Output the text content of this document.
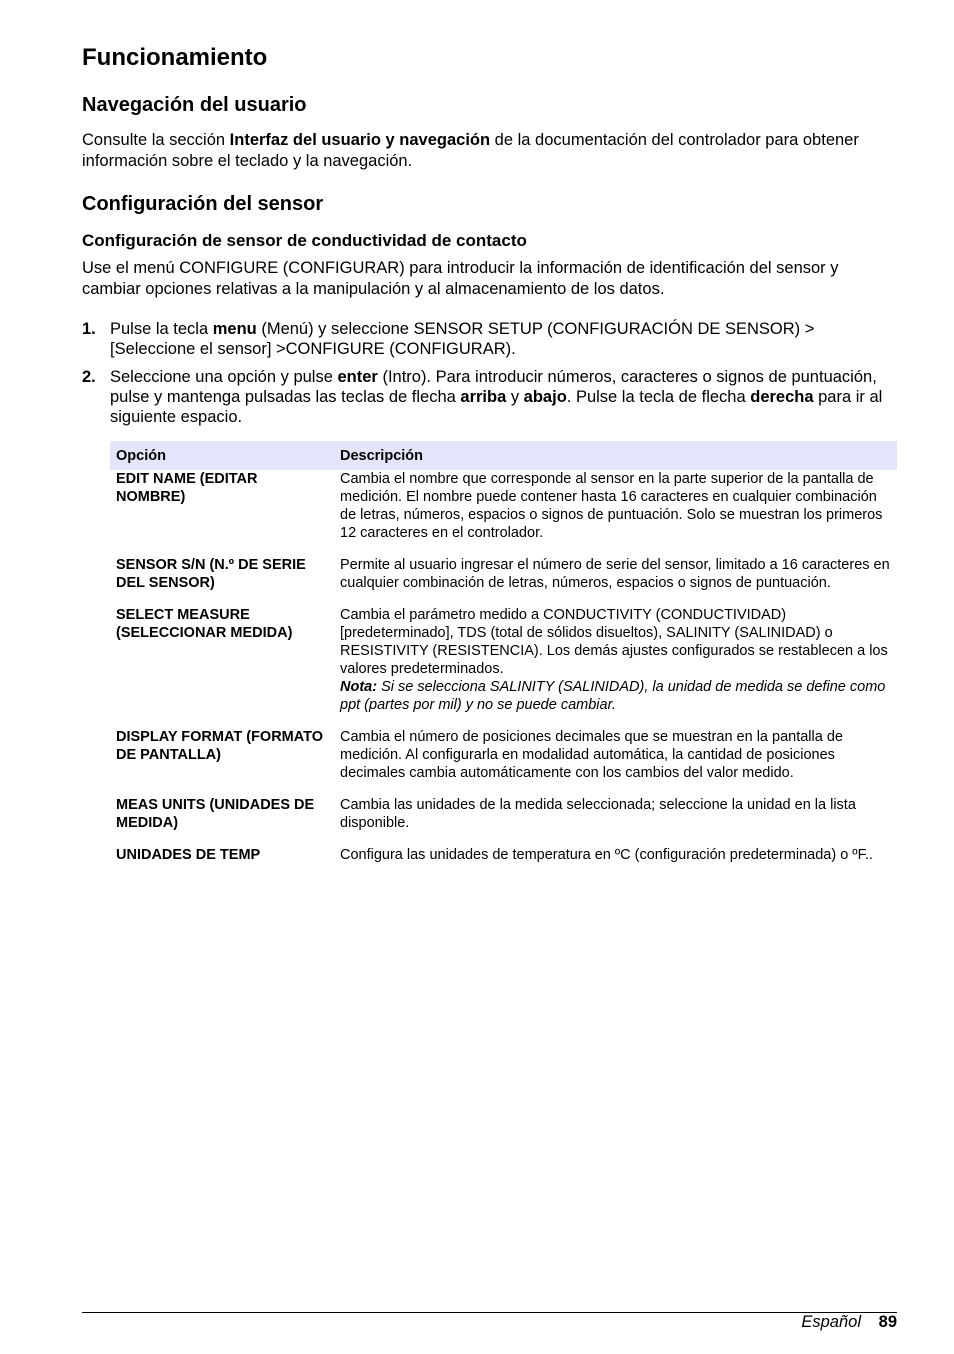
Funcionamiento
Navegación del usuario

Consulte la sección Interfaz del usuario y navegación de la documentación del controlador para obtener información sobre el teclado y la navegación.

Configuración del sensor
Configuración de sensor de conductividad de contacto

Use el menú CONFIGURE (CONFIGURAR) para introducir la información de identificación del sensor y cambiar opciones relativas a la manipulación y al almacenamiento de los datos.

1. Pulse la tecla menu (Menú) y seleccione SENSOR SETUP (CONFIGURACIÓN DE SENSOR) > [Seleccione el sensor] >CONFIGURE (CONFIGURAR).
2. Seleccione una opción y pulse enter (Intro). Para introducir números, caracteres o signos de puntuación, pulse y mantenga pulsadas las teclas de flecha arriba y abajo. Pulse la tecla de flecha derecha para ir al siguiente espacio.
Opción	Descripción
EDIT NAME (EDITAR NOMBRE)	Cambia el nombre que corresponde al sensor en la parte superior de la pantalla de medición. El nombre puede contener hasta 16 caracteres en cualquier combinación de letras, números, espacios o signos de puntuación. Solo se muestran los primeros 12 caracteres en el controlador.
SENSOR S/N (N.º DE SERIE DEL SENSOR)	Permite al usuario ingresar el número de serie del sensor, limitado a 16 caracteres en cualquier combinación de letras, números, espacios o signos de puntuación.
SELECT MEASURE (SELECCIONAR MEDIDA)	Cambia el parámetro medido a CONDUCTIVITY (CONDUCTIVIDAD) [predeterminado], TDS (total de sólidos disueltos), SALINITY (SALINIDAD) o RESISTIVITY (RESISTENCIA). Los demás ajustes configurados se restablecen a los valores predeterminados.
Nota: Si se selecciona SALINITY (SALINIDAD), la unidad de medida se define como ppt (partes por mil) y no se puede cambiar.
DISPLAY FORMAT (FORMATO DE PANTALLA)	Cambia el número de posiciones decimales que se muestran en la pantalla de medición. Al configurarla en modalidad automática, la cantidad de posiciones decimales cambia automáticamente con los cambios del valor medido.
MEAS UNITS (UNIDADES DE MEDIDA)	Cambia las unidades de la medida seleccionada; seleccione la unidad en la lista disponible.
UNIDADES DE TEMP	Configura las unidades de temperatura en ºC (configuración predeterminada) o ºF..
Español 89
